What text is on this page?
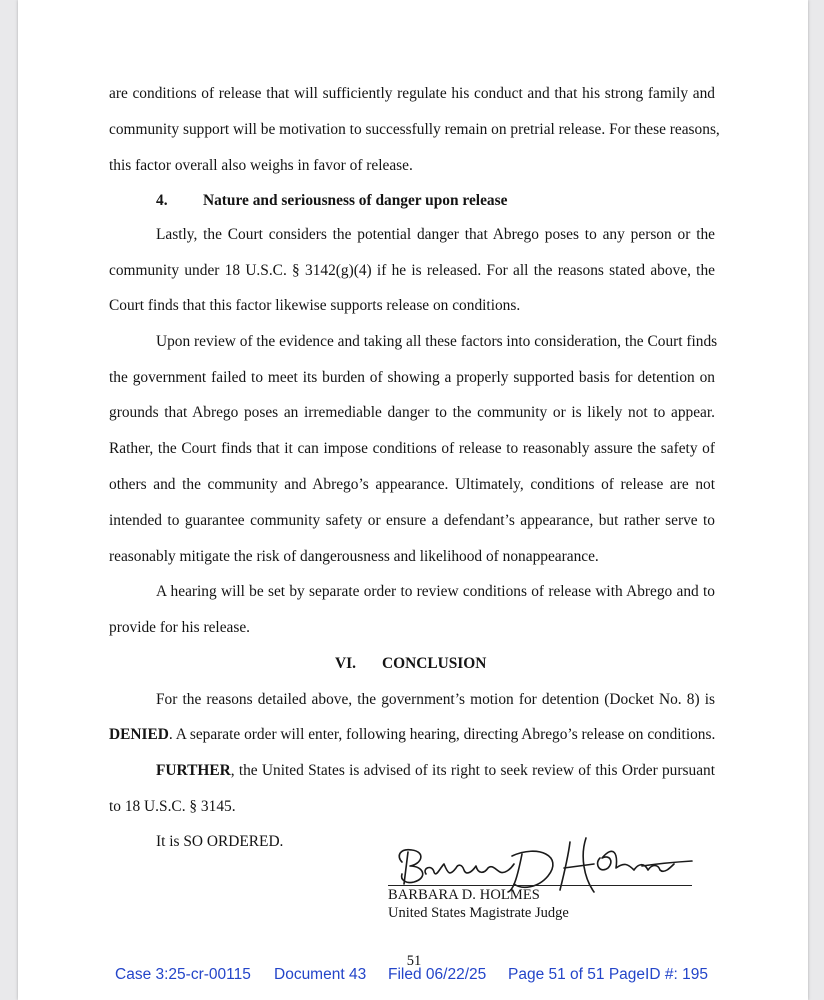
are conditions of release that will sufficiently regulate his conduct and that his strong family and
community support will be motivation to successfully remain on pretrial release. For these reasons,
this factor overall also weighs in favor of release.
4. Nature and seriousness of danger upon release
Lastly, the Court considers the potential danger that Abrego poses to any person or the
community under 18 U.S.C. § 3142(g)(4) if he is released. For all the reasons stated above, the
Court finds that this factor likewise supports release on conditions.
Upon review of the evidence and taking all these factors into consideration, the Court finds
the government failed to meet its burden of showing a properly supported basis for detention on
grounds that Abrego poses an irremediable danger to the community or is likely not to appear.
Rather, the Court finds that it can impose conditions of release to reasonably assure the safety of
others and the community and Abrego’s appearance. Ultimately, conditions of release are not
intended to guarantee community safety or ensure a defendant’s appearance, but rather serve to
reasonably mitigate the risk of dangerousness and likelihood of nonappearance.
A hearing will be set by separate order to review conditions of release with Abrego and to
provide for his release.
VI. CONCLUSION
For the reasons detailed above, the government’s motion for detention (Docket No. 8) is
DENIED. A separate order will enter, following hearing, directing Abrego’s release on conditions.
FURTHER, the United States is advised of its right to seek review of this Order pursuant
to 18 U.S.C. § 3145.
It is SO ORDERED.
BARBARA D. HOLMES
United States Magistrate Judge
51
Case 3:25-cr-00115 Document 43 Filed 06/22/25 Page 51 of 51 PageID #: 195
